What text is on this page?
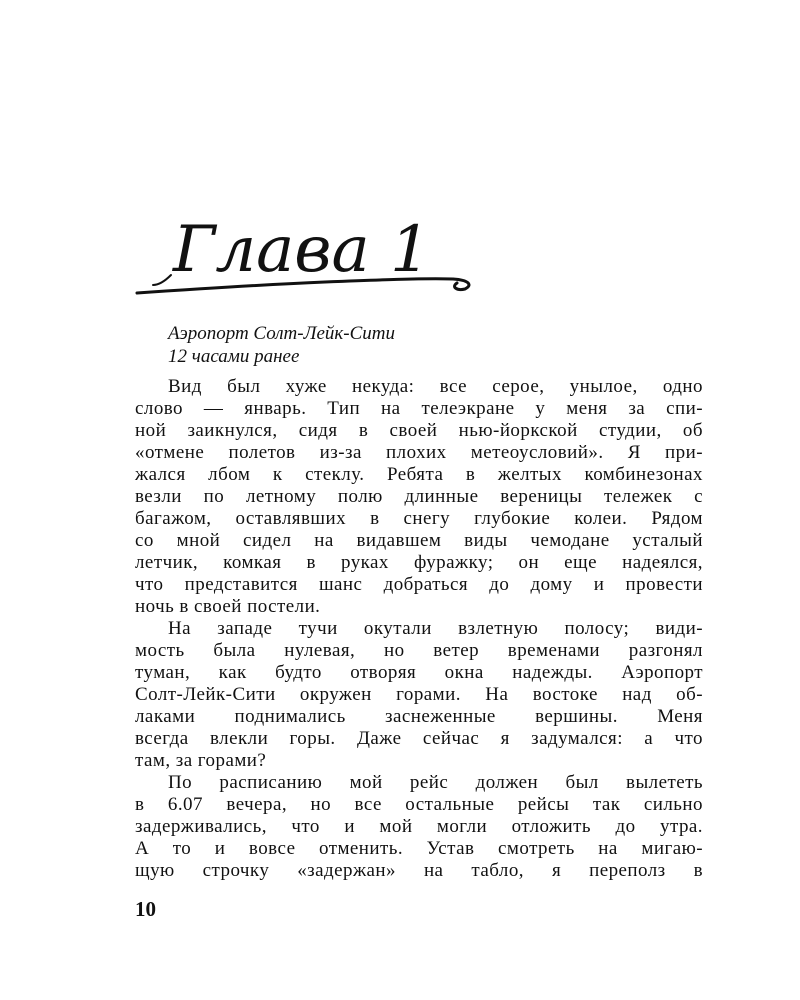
Глава 1
Аэропорт Солт-Лейк-Сити
12 часами ранее
Вид был хуже некуда: все серое, унылое, одно
слово — январь. Тип на телеэкране у меня за спи-
ной заикнулся, сидя в своей нью-йоркской студии, об
«отмене полетов из-за плохих метеоусловий». Я при-
жался лбом к стеклу. Ребята в желтых комбинезонах
везли по летному полю длинные вереницы тележек с
багажом, оставлявших в снегу глубокие колеи. Рядом
со мной сидел на видавшем виды чемодане усталый
летчик, комкая в руках фуражку; он еще надеялся,
что представится шанс добраться до дому и провести
ночь в своей постели.
На западе тучи окутали взлетную полосу; види-
мость была нулевая, но ветер временами разгонял
туман, как будто отворяя окна надежды. Аэропорт
Солт-Лейк-Сити окружен горами. На востоке над об-
лаками поднимались заснеженные вершины. Меня
всегда влекли горы. Даже сейчас я задумался: а что
там, за горами?
По расписанию мой рейс должен был вылететь
в 6.07 вечера, но все остальные рейсы так сильно
задерживались, что и мой могли отложить до утра.
А то и вовсе отменить. Устав смотреть на мигаю-
щую строчку «задержан» на табло, я переполз в
10
